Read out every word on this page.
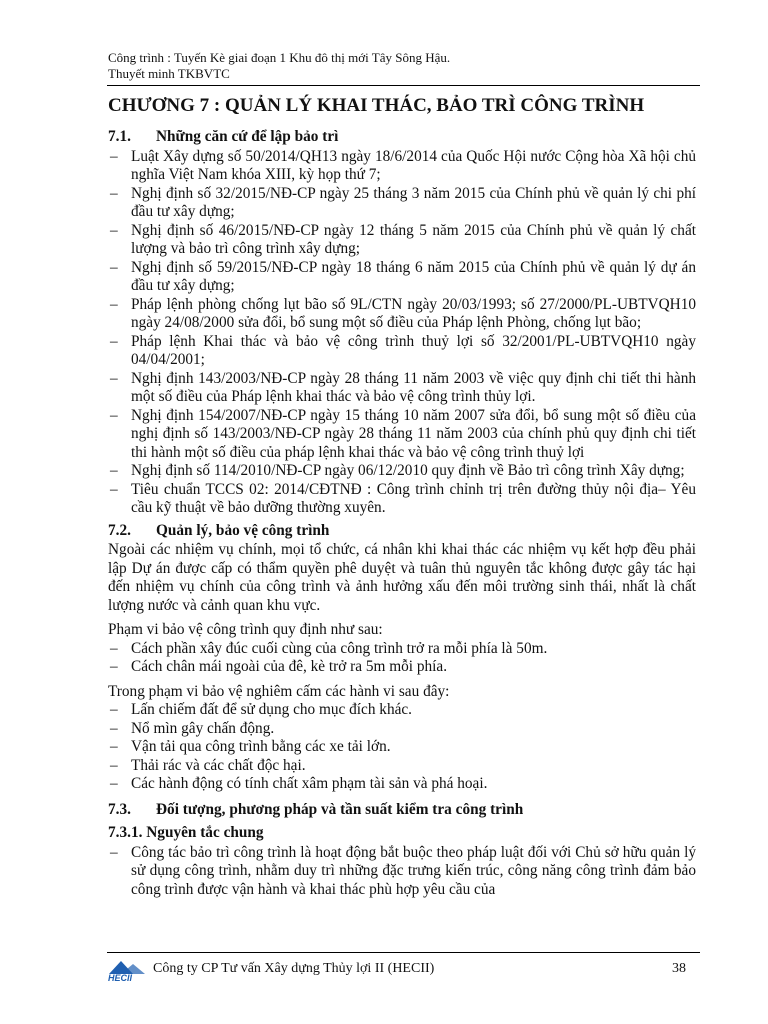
Công trình : Tuyến Kè giai đoạn 1 Khu đô thị mới Tây Sông Hậu.
Thuyết minh TKBVTC
CHƯƠNG 7 : QUẢN LÝ KHAI THÁC, BẢO TRÌ CÔNG TRÌNH
7.1. Những căn cứ để lập bảo trì
– Luật Xây dựng số 50/2014/QH13 ngày 18/6/2014 của Quốc Hội nước Cộng hòa Xã hội chủ nghĩa Việt Nam khóa XIII, kỳ họp thứ 7;
– Nghị định số 32/2015/NĐ-CP ngày 25 tháng 3 năm 2015 của Chính phủ về quản lý chi phí đầu tư xây dựng;
– Nghị định số 46/2015/NĐ-CP ngày 12 tháng 5 năm 2015 của Chính phủ về quản lý chất lượng và bảo trì công trình xây dựng;
– Nghị định số 59/2015/NĐ-CP ngày 18 tháng 6 năm 2015 của Chính phủ về quản lý dự án đầu tư xây dựng;
– Pháp lệnh phòng chống lụt bão số 9L/CTN ngày 20/03/1993; số 27/2000/PL-UBTVQH10 ngày 24/08/2000 sửa đổi, bổ sung một số điều của Pháp lệnh Phòng, chống lụt bão;
– Pháp lệnh Khai thác và bảo vệ công trình thuỷ lợi số 32/2001/PL-UBTVQH10 ngày 04/04/2001;
– Nghị định 143/2003/NĐ-CP ngày 28 tháng 11 năm 2003 về việc quy định chi tiết thi hành một số điều của Pháp lệnh khai thác và bảo vệ công trình thủy lợi.
– Nghị định 154/2007/NĐ-CP ngày 15 tháng 10 năm 2007 sửa đổi, bổ sung một số điều của nghị định số 143/2003/NĐ-CP ngày 28 tháng 11 năm 2003 của chính phủ quy định chi tiết thi hành một số điều của pháp lệnh khai thác và bảo vệ công trình thuỷ lợi
– Nghị định số 114/2010/NĐ-CP ngày 06/12/2010 quy định về Bảo trì công trình Xây dựng;
– Tiêu chuẩn TCCS 02: 2014/CĐTNĐ : Công trình chỉnh trị trên đường thủy nội địa– Yêu cầu kỹ thuật về bảo dưỡng thường xuyên.
7.2. Quản lý, bảo vệ công trình

Ngoài các nhiệm vụ chính, mọi tổ chức, cá nhân khi khai thác các nhiệm vụ kết hợp đều phải lập Dự án được cấp có thẩm quyền phê duyệt và tuân thủ nguyên tắc không được gây tác hại đến nhiệm vụ chính của công trình và ảnh hưởng xấu đến môi trường sinh thái, nhất là chất lượng nước và cảnh quan khu vực.

Phạm vi bảo vệ công trình quy định như sau:

– Cách phần xây đúc cuối cùng của công trình trở ra mỗi phía là 50m.
– Cách chân mái ngoài của đê, kè trở ra 5m mỗi phía.

Trong phạm vi bảo vệ nghiêm cấm các hành vi sau đây:

– Lấn chiếm đất để sử dụng cho mục đích khác.
– Nổ mìn gây chấn động.
– Vận tải qua công trình bằng các xe tải lớn.
– Thải rác và các chất độc hại.
– Các hành động có tính chất xâm phạm tài sản và phá hoại.
7.3. Đối tượng, phương pháp và tần suất kiểm tra công trình
7.3.1. Nguyên tắc chung
– Công tác bảo trì công trình là hoạt động bắt buộc theo pháp luật đối với Chủ sở hữu quản lý sử dụng công trình, nhằm duy trì những đặc trưng kiến trúc, công năng công trình đảm bảo công trình được vận hành và khai thác phù hợp yêu cầu của
HECII
Công ty CP Tư vấn Xây dựng Thủy lợi II (HECII)	38
